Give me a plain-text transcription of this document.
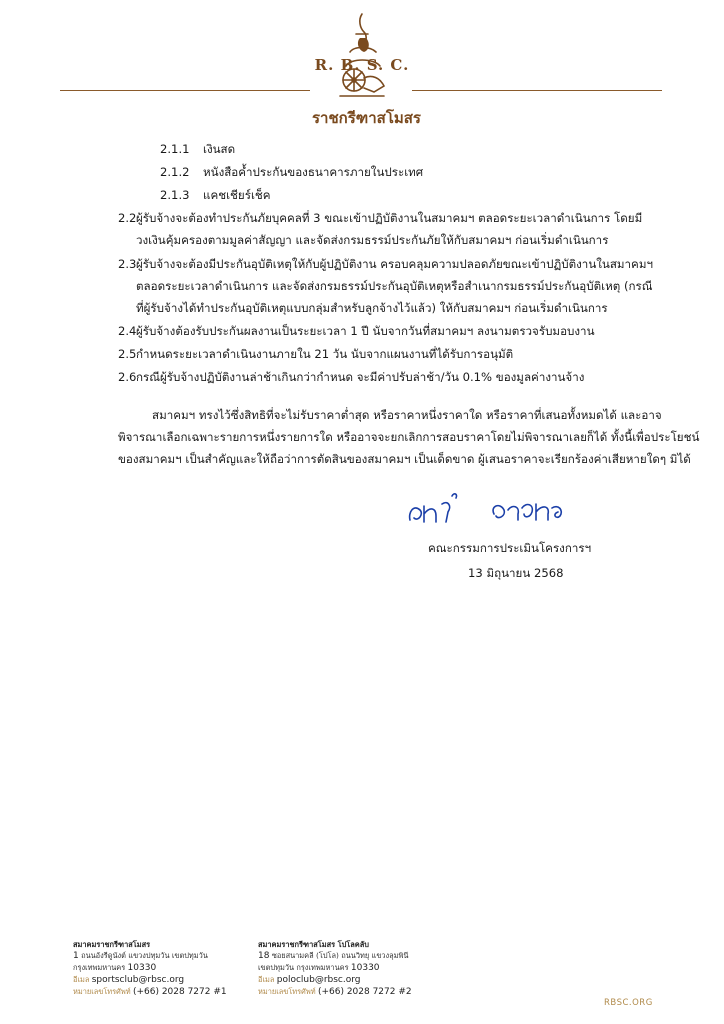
R. B. S. C.
ราชกรีฑาสโมสร
2.1.1 เงินสด
2.1.2 หนังสือค้ำประกันของธนาคารภายในประเทศ
2.1.3 แคชเชียร์เช็ค
2.2 ผู้รับจ้างจะต้องทำประกันภัยบุคคลที่ 3 ขณะเข้าปฏิบัติงานในสมาคมฯ ตลอดระยะเวลาดำเนินการ โดยมี
วงเงินคุ้มครองตามมูลค่าสัญญา และจัดส่งกรมธรรม์ประกันภัยให้กับสมาคมฯ ก่อนเริ่มดำเนินการ
2.3 ผู้รับจ้างจะต้องมีประกันอุบัติเหตุให้กับผู้ปฏิบัติงาน ครอบคลุมความปลอดภัยขณะเข้าปฏิบัติงานในสมาคมฯ
ตลอดระยะเวลาดำเนินการ และจัดส่งกรมธรรม์ประกันอุบัติเหตุหรือสำเนากรมธรรม์ประกันอุบัติเหตุ (กรณี
ที่ผู้รับจ้างได้ทำประกันอุบัติเหตุแบบกลุ่มสำหรับลูกจ้างไว้แล้ว) ให้กับสมาคมฯ ก่อนเริ่มดำเนินการ
2.4 ผู้รับจ้างต้องรับประกันผลงานเป็นระยะเวลา 1 ปี นับจากวันที่สมาคมฯ ลงนามตรวจรับมอบงาน
2.5 กำหนดระยะเวลาดำเนินงานภายใน 21 วัน นับจากแผนงานที่ได้รับการอนุมัติ
2.6 กรณีผู้รับจ้างปฏิบัติงานล่าช้าเกินกว่ากำหนด จะมีค่าปรับล่าช้า/วัน 0.1% ของมูลค่างานจ้าง
สมาคมฯ ทรงไว้ซึ่งสิทธิที่จะไม่รับราคาต่ำสุด หรือราคาหนึ่งราคาใด หรือราคาที่เสนอทั้งหมดได้ และอาจ
พิจารณาเลือกเฉพาะรายการหนึ่งรายการใด หรืออาจจะยกเลิกการสอบราคาโดยไม่พิจารณาเลยก็ได้ ทั้งนี้เพื่อประโยชน์
ของสมาคมฯ เป็นสำคัญและให้ถือว่าการตัดสินของสมาคมฯ เป็นเด็ดขาด ผู้เสนอราคาจะเรียกร้องค่าเสียหายใดๆ มิได้
คณะกรรมการประเมินโครงการฯ
13 มิถุนายน 2568
สมาคมราชกรีฑาสโมสร
1 ถนนอังรีดูนังต์ แขวงปทุมวัน เขตปทุมวัน
กรุงเทพมหานคร 10330
อีเมล sportsclub@rbsc.org
หมายเลขโทรศัพท์ (+66) 2028 7272 #1
สมาคมราชกรีฑาสโมสร โปโลคลับ
18 ซอยสนามคลี (โปโล) ถนนวิทยุ แขวงลุมพินี
เขตปทุมวัน กรุงเทพมหานคร 10330
อีเมล poloclub@rbsc.org
หมายเลขโทรศัพท์ (+66) 2028 7272 #2
RBSC.ORG
